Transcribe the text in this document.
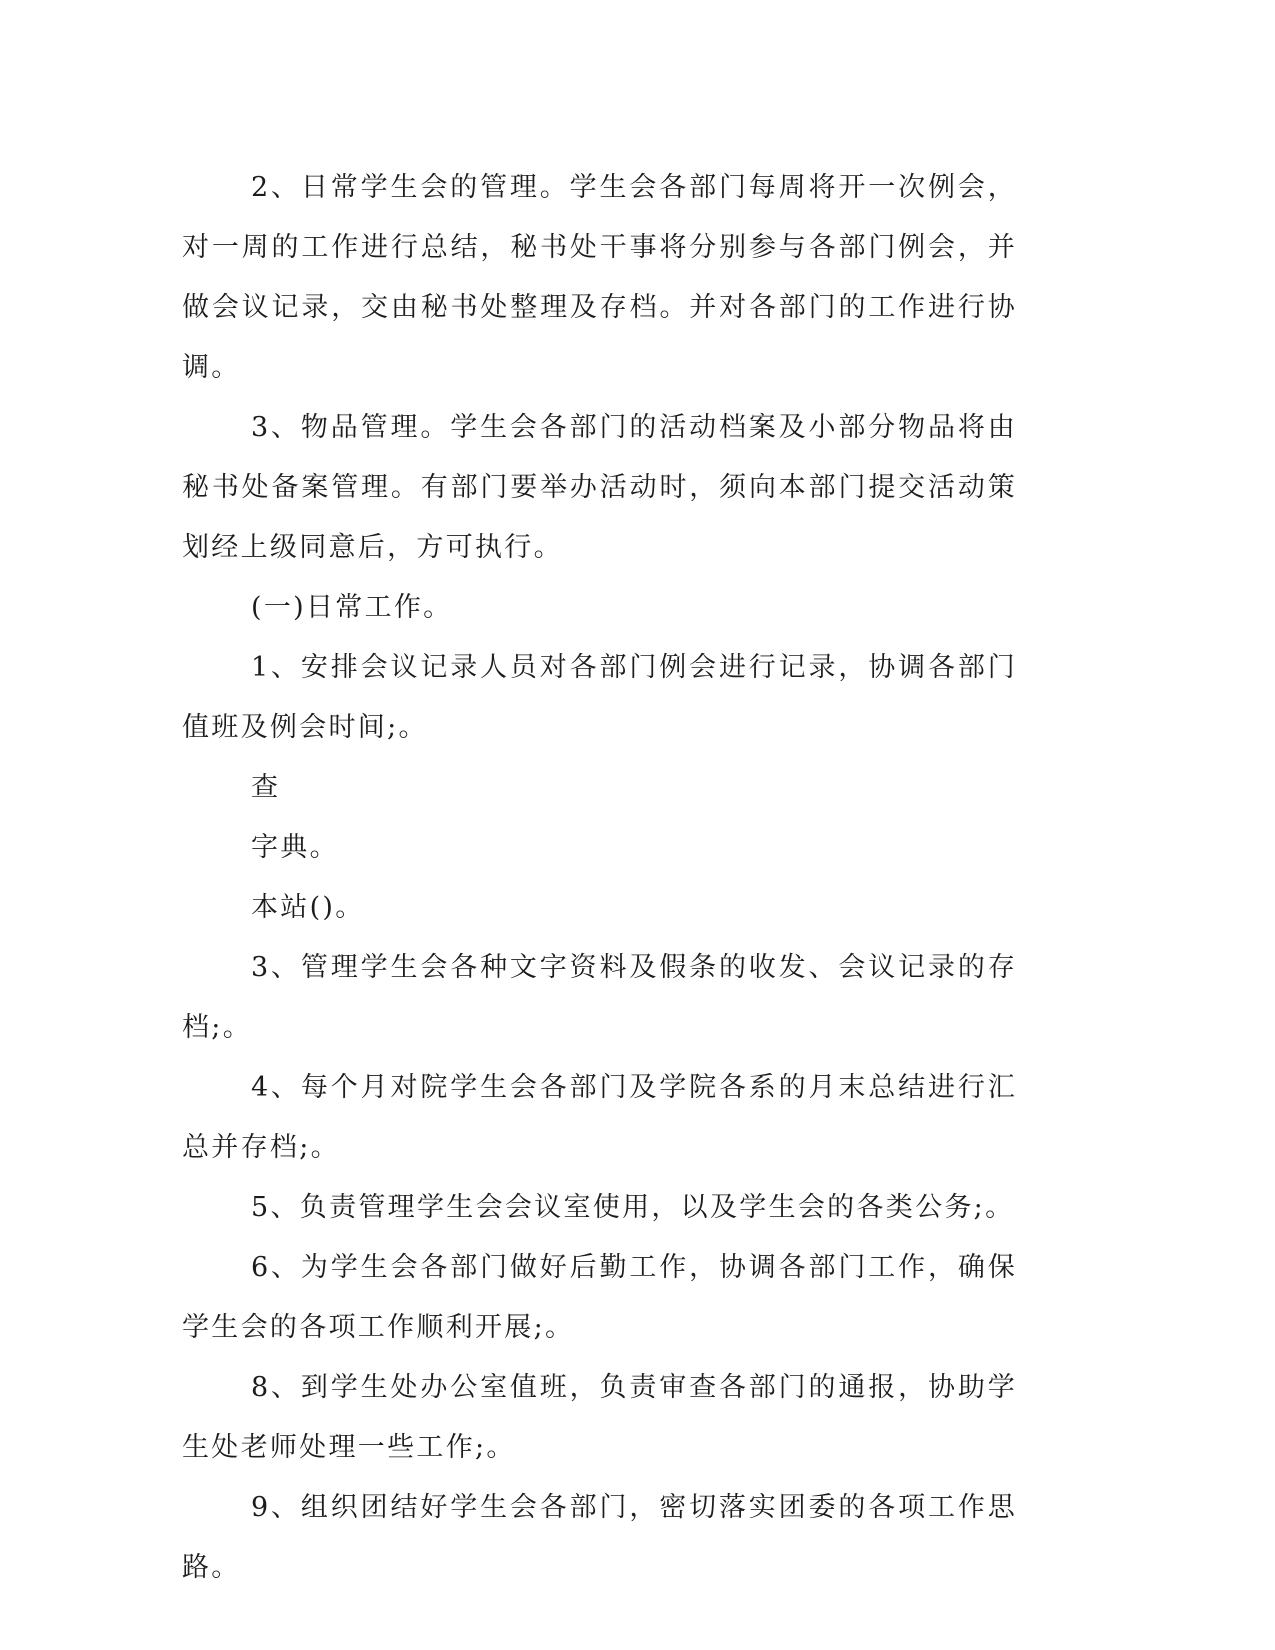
2、日常学生会的管理。学生会各部门每周将开一次例会，对一周的工作进行总结，秘书处干事将分别参与各部门例会，并做会议记录，交由秘书处整理及存档。并对各部门的工作进行协调。

3、物品管理。学生会各部门的活动档案及小部分物品将由秘书处备案管理。有部门要举办活动时，须向本部门提交活动策划经上级同意后，方可执行。

(一)日常工作。

1、安排会议记录人员对各部门例会进行记录，协调各部门值班及例会时间;。

查

字典。

本站()。

3、管理学生会各种文字资料及假条的收发、会议记录的存档;。

4、每个月对院学生会各部门及学院各系的月末总结进行汇总并存档;。

5、负责管理学生会会议室使用，以及学生会的各类公务;。

6、为学生会各部门做好后勤工作，协调各部门工作，确保学生会的各项工作顺利开展;。

8、到学生处办公室值班，负责审查各部门的通报，协助学生处老师处理一些工作;。

9、组织团结好学生会各部门，密切落实团委的各项工作思路。
